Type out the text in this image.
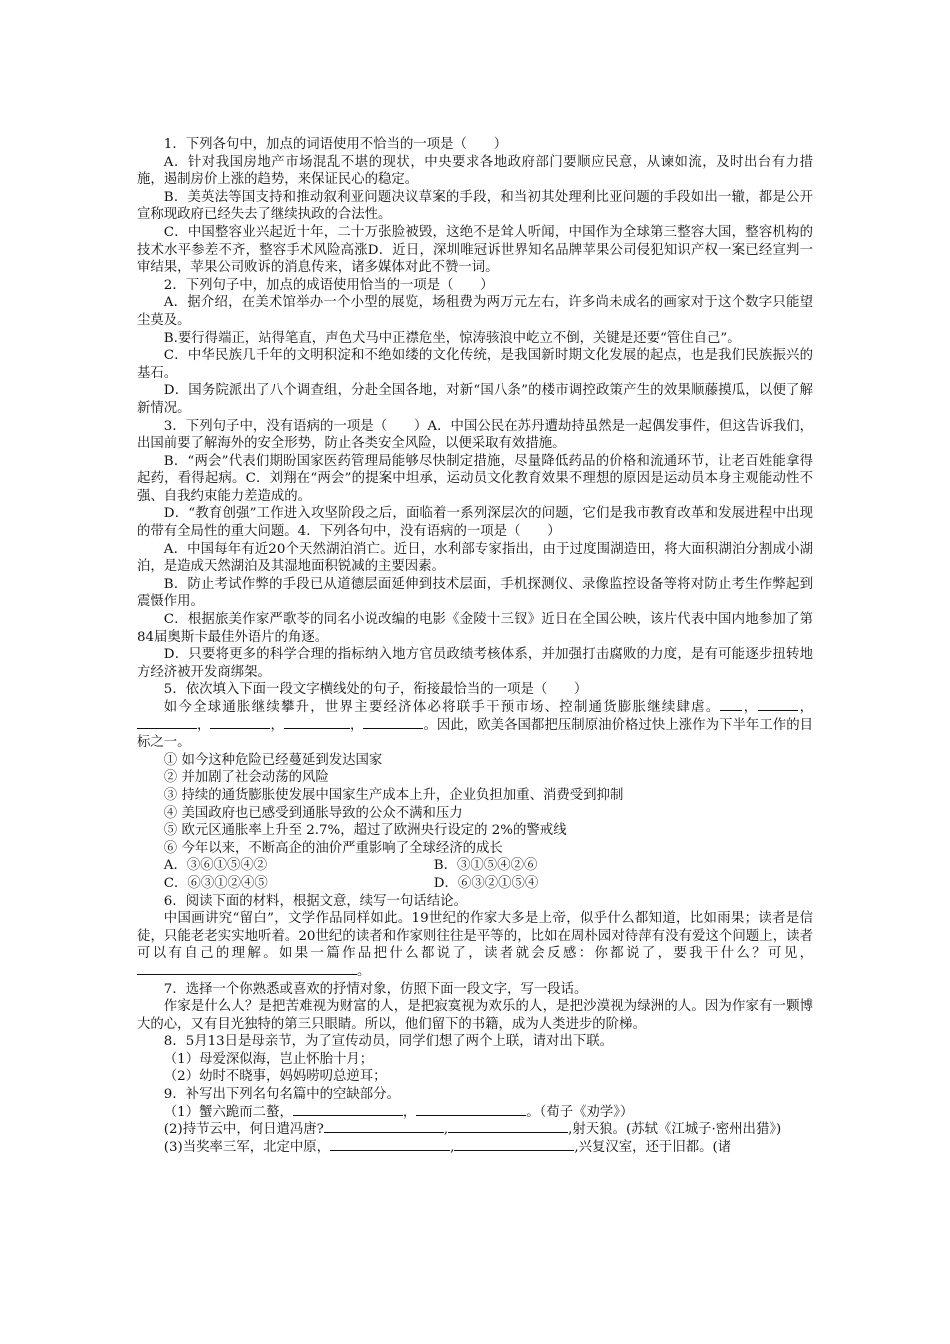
1．下列各句中，加点的词语使用不恰当的一项是（　　）

A．针对我国房地产市场混乱不堪的现状，中央要求各地政府部门要顺应民意，从谏如流，及时出台有力措施，遏制房价上涨的趋势，来保证民心的稳定。

B．美英法等国支持和推动叙利亚问题决议草案的手段，和当初其处理利比亚问题的手段如出一辙，都是公开宣称现政府已经失去了继续执政的合法性。

C．中国整容业兴起近十年，二十万张脸被毁，这绝不是耸人听闻，中国作为全球第三整容大国，整容机构的技术水平参差不齐，整容手术风险高涨D．近日，深圳唯冠诉世界知名品牌苹果公司侵犯知识产权一案已经宣判一审结果，苹果公司败诉的消息传来，诸多媒体对此不赞一词。

2．下列句子中，加点的成语使用恰当的一项是（　　）

A．据介绍，在美术馆举办一个小型的展览，场租费为两万元左右，许多尚未成名的画家对于这个数字只能望尘莫及。

B.要行得端正，站得笔直，声色犬马中正襟危坐，惊涛骇浪中屹立不倒，关键是还要“管住自己”。

C．中华民族几千年的文明积淀和不绝如缕的文化传统，是我国新时期文化发展的起点，也是我们民族振兴的基石。

D．国务院派出了八个调查组，分赴全国各地，对新“国八条”的楼市调控政策产生的效果顺藤摸瓜，以便了解新情况。

3．下列句子中，没有语病的一项是（　　）A．中国公民在苏丹遭劫持虽然是一起偶发事件，但这告诉我们，出国前要了解海外的安全形势，防止各类安全风险，以便采取有效措施。

B．“两会”代表们期盼国家医药管理局能够尽快制定措施，尽量降低药品的价格和流通环节，让老百姓能拿得起药，看得起病。C．刘翔在“两会”的提案中坦承，运动员文化教育效果不理想的原因是运动员本身主观能动性不强、自我约束能力差造成的。

D．“教育创强”工作进入攻坚阶段之后，面临着一系列深层次的问题，它们是我市教育改革和发展进程中出现的带有全局性的重大问题。4．下列各句中，没有语病的一项是（　　）

A．中国每年有近20个天然湖泊消亡。近日，水利部专家指出，由于过度围湖造田，将大面积湖泊分割成小湖泊，是造成天然湖泊及其湿地面积锐减的主要因素。

B．防止考试作弊的手段已从道德层面延伸到技术层面，手机探测仪、录像监控设备等将对防止考生作弊起到震慑作用。

C．根据旅美作家严歌苓的同名小说改编的电影《金陵十三钗》近日在全国公映，该片代表中国内地参加了第84届奥斯卡最佳外语片的角逐。

D．只要将更多的科学合理的指标纳入地方官员政绩考核体系，并加强打击腐败的力度，是有可能逐步扭转地方经济被开发商绑架。

5．依次填入下面一段文字横线处的句子，衔接最恰当的一项是（　　）

如今全球通胀继续攀升，世界主要经济体必将联手干预市场、控制通货膨胀继续肆虐。 ，	，，	，	，	。因此，欧美各国都把压制原油价格过快上涨作为下半年工作的目标之一。

① 如今这种危险已经蔓延到发达国家

② 并加剧了社会动荡的风险

③ 持续的通货膨胀使发展中国家生产成本上升，企业负担加重、消费受到抑制

④ 美国政府也已感受到通胀导致的公众不满和压力

⑤ 欧元区通胀率上升至 2.7%，超过了欧洲央行设定的 2%的警戒线

⑥ 今年以来，不断高企的油价严重影响了全球经济的成长

A．③⑥①⑤④②	B．③①⑤④②⑥
C．⑥③①②④⑤	D．⑥③②①⑤④

6．阅读下面的材料，根据文意，续写一句话结论。

中国画讲究“留白”，文学作品同样如此。19世纪的作家大多是上帝，似乎什么都知道，比如雨果；读者是信徒，只能老老实实地听着。20世纪的读者和作家则往往是平等的，比如在周朴园对待萍有没有爱这个问题上，读者可以有自己的理解。如果一篇作品把什么都说了，读者就会反感：你都说了，要我干什么？可见，。

7．选择一个你熟悉或喜欢的抒情对象，仿照下面一段文字，写一段话。

作家是什么人？是把苦难视为财富的人，是把寂寞视为欢乐的人，是把沙漠视为绿洲的人。因为作家有一颗博大的心，又有目光独特的第三只眼睛。所以，他们留下的书籍，成为人类进步的阶梯。

8．5月13日是母亲节，为了宣传动员，同学们想了两个上联，请对出下联。

（1）母爱深似海，岂止怀胎十月；

（2）幼时不晓事，妈妈唠叨总逆耳；

9．补写出下列名句名篇中的空缺部分。

（1）蟹六跪而二螯，	，	。（荀子《劝学》）

(2)持节云中，何日遣冯唐?	,	,射天狼。(苏轼《江城子·密州出猎》)

(3)当奖率三军，北定中原，	,	,兴复汉室，还于旧都。(诸
